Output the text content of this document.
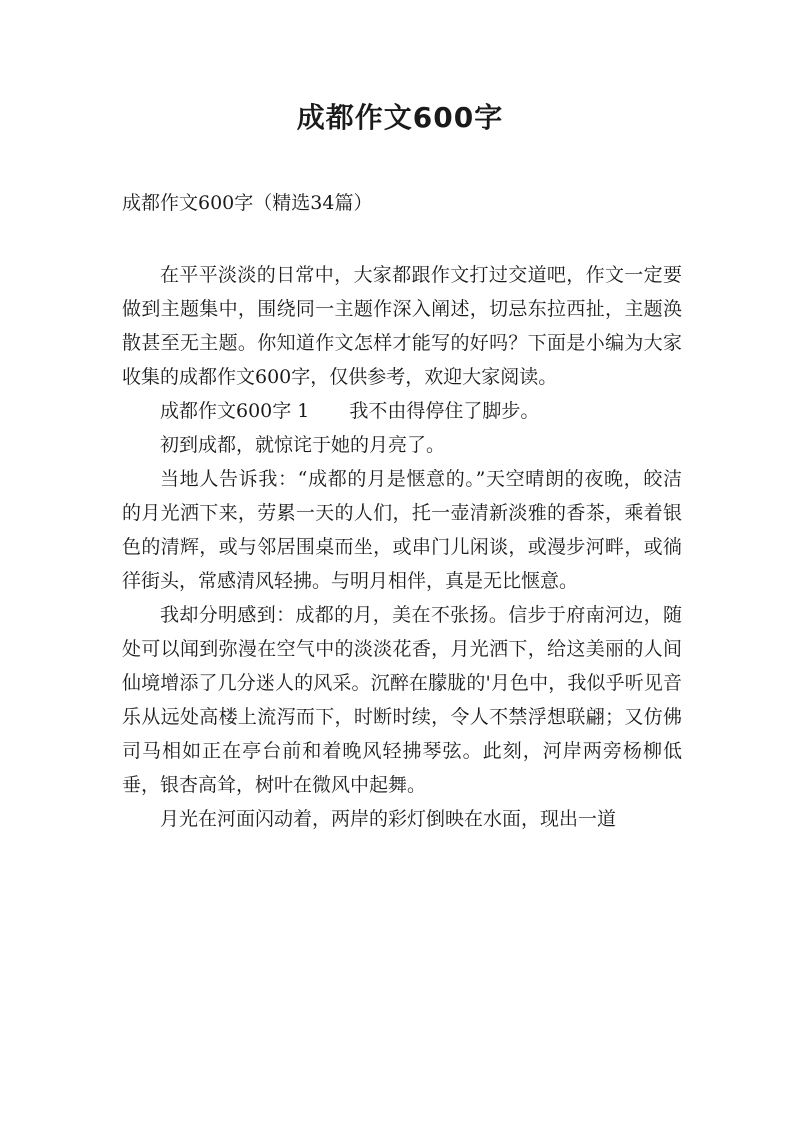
成都作文600字
成都作文600字（精选34篇）

在平平淡淡的日常中，大家都跟作文打过交道吧，作文一定要做到主题集中，围绕同一主题作深入阐述，切忌东拉西扯，主题涣散甚至无主题。你知道作文怎样才能写的好吗？下面是小编为大家收集的成都作文600字，仅供参考，欢迎大家阅读。

成都作文600字 1 我不由得停住了脚步。

初到成都，就惊诧于她的月亮了。

当地人告诉我：“成都的月是惬意的。”天空晴朗的夜晚，皎洁的月光洒下来，劳累一天的人们，托一壶清新淡雅的香茶，乘着银色的清辉，或与邻居围桌而坐，或串门儿闲谈，或漫步河畔，或徜徉街头，常感清风轻拂。与明月相伴，真是无比惬意。

我却分明感到：成都的月，美在不张扬。信步于府南河边，随处可以闻到弥漫在空气中的淡淡花香，月光洒下，给这美丽的人间仙境增添了几分迷人的风采。沉醉在朦胧的'月色中，我似乎听见音乐从远处高楼上流泻而下，时断时续，令人不禁浮想联翩；又仿佛司马相如正在亭台前和着晚风轻拂琴弦。此刻，河岸两旁杨柳低垂，银杏高耸，树叶在微风中起舞。

月光在河面闪动着，两岸的彩灯倒映在水面，现出一道
